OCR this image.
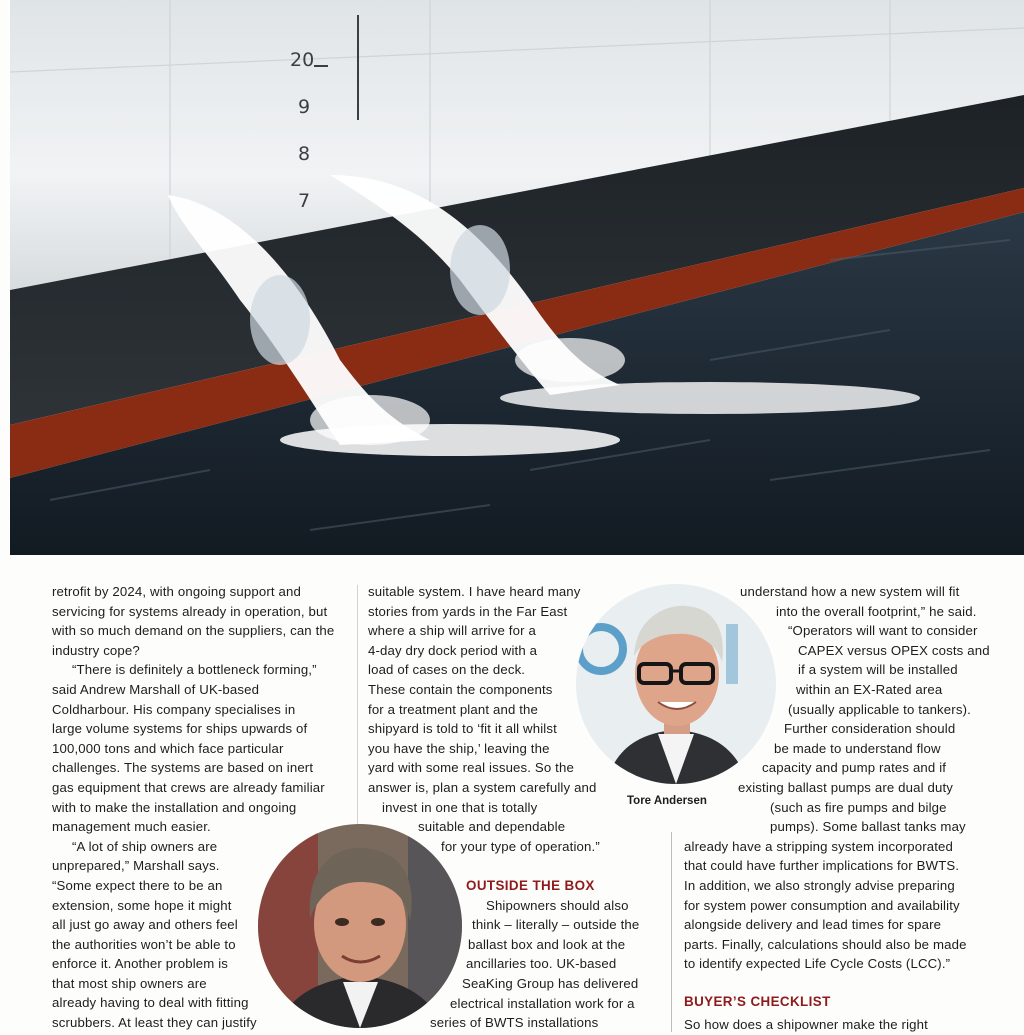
20
9
8
7
retrofit by 2024, with ongoing support and
servicing for systems already in operation, but
with so much demand on the suppliers, can the
industry cope?
“There is definitely a bottleneck forming,”
said Andrew Marshall of UK-based
Coldharbour. His company specialises in
large volume systems for ships upwards of
100,000 tons and which face particular
challenges. The systems are based on inert
gas equipment that crews are already familiar
with to make the installation and ongoing
management much easier.
“A lot of ship owners are
unprepared,” Marshall says.
“Some expect there to be an
extension, some hope it might
all just go away and others feel
the authorities won’t be able to
enforce it. Another problem is
that most ship owners are
already having to deal with fitting
scrubbers. At least they can justify
suitable system. I have heard many
stories from yards in the Far East
where a ship will arrive for a
4-day dry dock period with a
load of cases on the deck.
These contain the components
for a treatment plant and the
shipyard is told to ‘fit it all whilst
you have the ship,’ leaving the
yard with some real issues. So the
answer is, plan a system carefully and
invest in one that is totally
suitable and dependable
for your type of operation.”
OUTSIDE THE BOX
Shipowners should also
think – literally – outside the
ballast box and look at the
ancillaries too. UK-based
SeaKing Group has delivered
electrical installation work for a
series of BWTS installations
understand how a new system will fit
into the overall footprint,” he said.
“Operators will want to consider
CAPEX versus OPEX costs and
if a system will be installed
within an EX-Rated area
(usually applicable to tankers).
Further consideration should
be made to understand flow
capacity and pump rates and if
existing ballast pumps are dual duty
(such as fire pumps and bilge
pumps). Some ballast tanks may
already have a stripping system incorporated
that could have further implications for BWTS.
In addition, we also strongly advise preparing
for system power consumption and availability
alongside delivery and lead times for spare
parts. Finally, calculations should also be made
to identify expected Life Cycle Costs (LCC).”
BUYER’S CHECKLIST
So how does a shipowner make the right
Tore Andersen
